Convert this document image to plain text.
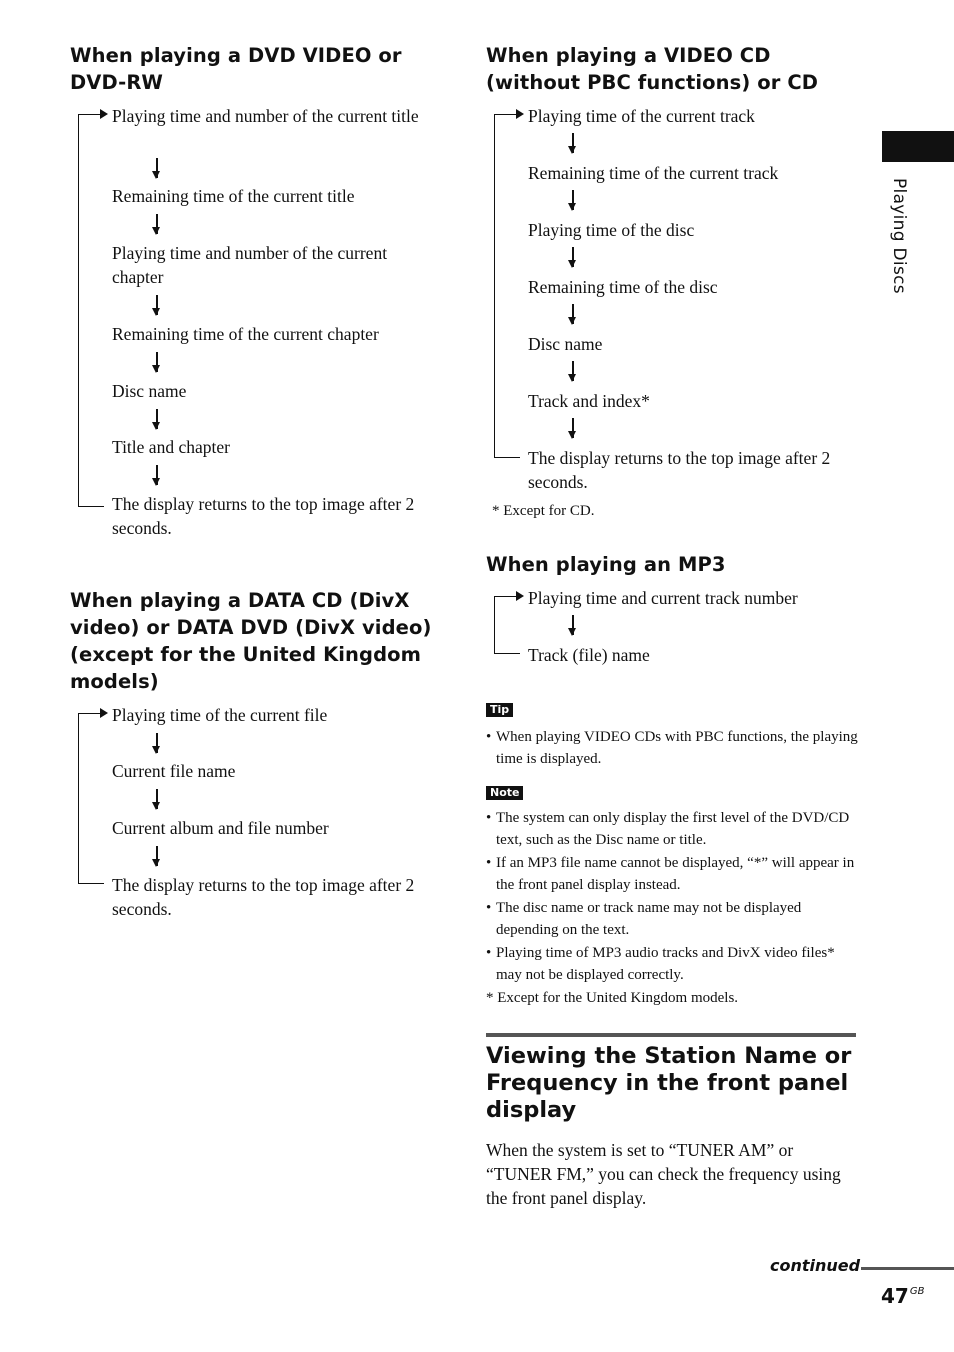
When playing a DVD VIDEO or DVD-RW
Playing time and number of the current title
Remaining time of the current title
Playing time and number of the current chapter
Remaining time of the current chapter
Disc name
Title and chapter
The display returns to the top image after 2 seconds.
When playing a DATA CD (DivX video) or DATA DVD (DivX video) (except for the United Kingdom models)
Playing time of the current file
Current file name
Current album and file number
The display returns to the top image after 2 seconds.
When playing a VIDEO CD (without PBC functions) or CD
Playing time of the current track
Remaining time of the current track
Playing time of the disc
Remaining time of the disc
Disc name
Track and index*
The display returns to the top image after 2 seconds.
* Except for CD.
When playing an MP3
Playing time and current track number
Track (file) name
Tip
• When playing VIDEO CDs with PBC functions, the playing time is displayed.
Note
• The system can only display the first level of the DVD/CD text, such as the Disc name or title.
• If an MP3 file name cannot be displayed, “*” will appear in the front panel display instead.
• The disc name or track name may not be displayed depending on the text.
• Playing time of MP3 audio tracks and DivX video files* may not be displayed correctly.
* Except for the United Kingdom models.
Viewing the Station Name or Frequency in the front panel display
When the system is set to “TUNER AM” or “TUNER FM,” you can check the frequency using the front panel display.
Playing Discs
continued
$47^{GB}$
